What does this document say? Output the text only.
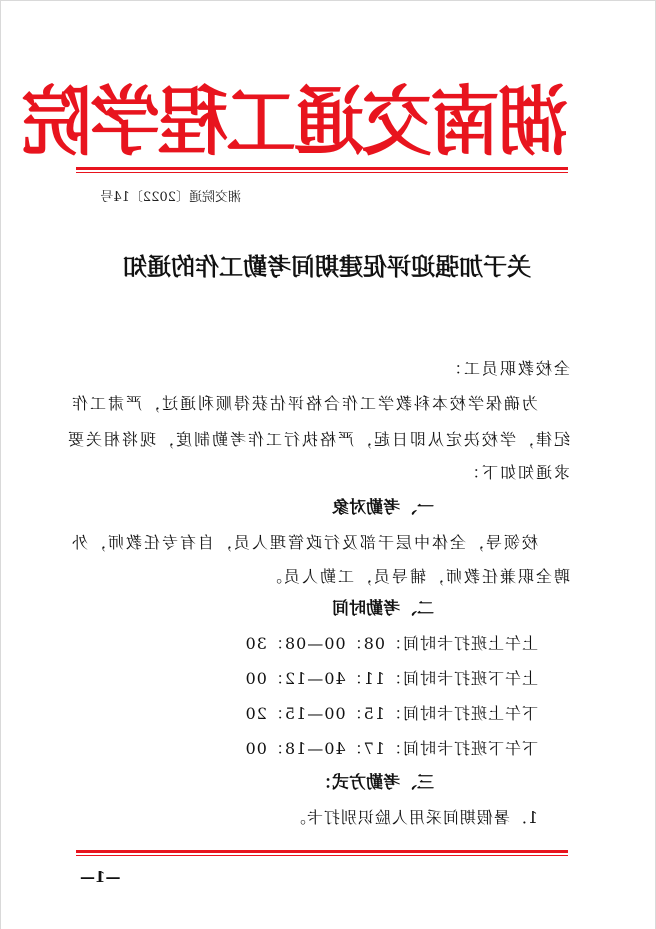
湖南交通工程学院
湘交院通〔2022〕14号
关于加强迎评促建期间考勤工作的通知
全校教职员工：
为确保学校本科教学工作合格评估获得顺利通过，严肃工作
纪律，学校决定从即日起，严格执行工作考勤制度，现将相关要
求通知如下：
一、考勤对象
校领导，全体中层干部及行政管理人员，自有专任教师，外
聘全职兼任教师，辅导员，工勤人员。
二、考勤时间
上午上班打卡时间：08：00—08：30
上午下班打卡时间：11：40—12：00
下午上班打卡时间：15：00—15：20
下午下班打卡时间：17：40—18：00
三、考勤方式：
1．暑假期间采用人脸识别打卡。
—1—
